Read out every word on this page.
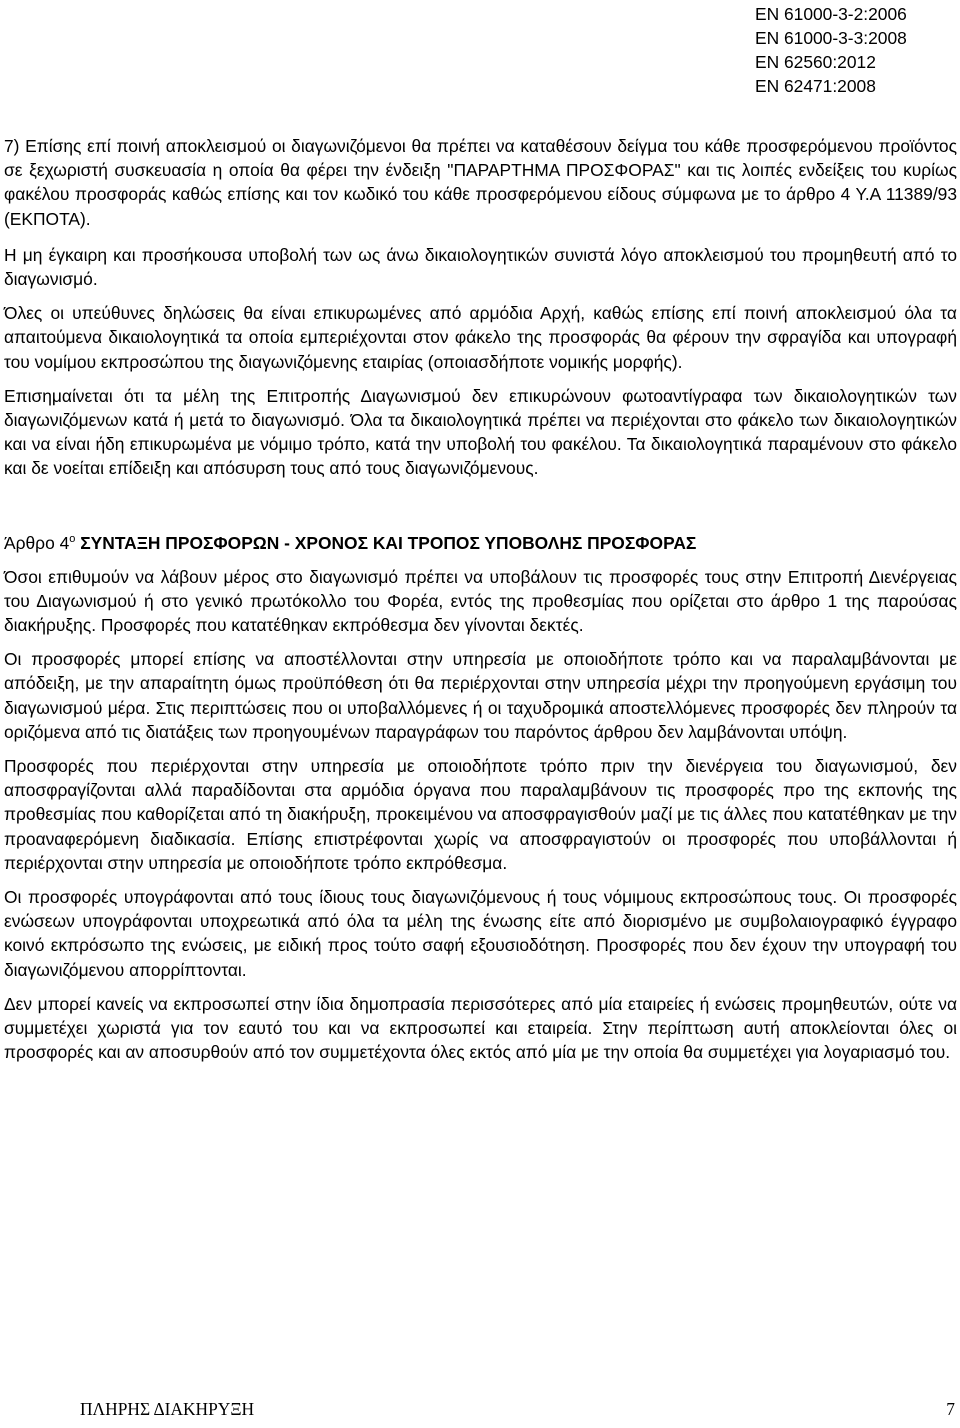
EN 61000-3-2:2006
EN 61000-3-3:2008
EN 62560:2012
EN 62471:2008

7) Επίσης επί ποινή αποκλεισμού οι διαγωνιζόμενοι θα πρέπει να καταθέσουν δείγμα του κάθε προσφερόμενου προϊόντος σε ξεχωριστή συσκευασία η οποία θα φέρει την ένδειξη "ΠΑΡΑΡΤΗΜΑ ΠΡΟΣΦΟΡΑΣ" και τις λοιπές ενδείξεις του κυρίως φακέλου προσφοράς καθώς επίσης και τον κωδικό του κάθε προσφερόμενου είδους σύμφωνα με το άρθρο 4 Υ.Α 11389/93 (ΕΚΠΟΤΑ).

Η μη έγκαιρη και προσήκουσα υποβολή των ως άνω δικαιολογητικών συνιστά λόγο αποκλεισμού του προμηθευτή από το διαγωνισμό.

Όλες οι υπεύθυνες δηλώσεις θα είναι επικυρωμένες από αρμόδια Αρχή, καθώς επίσης επί ποινή αποκλεισμού όλα τα απαιτούμενα δικαιολογητικά τα οποία εμπεριέχονται στον φάκελο της προσφοράς θα φέρουν την σφραγίδα και υπογραφή του νομίμου εκπροσώπου της διαγωνιζόμενης εταιρίας (οποιασδήποτε νομικής μορφής).

Επισημαίνεται ότι τα μέλη της Επιτροπής Διαγωνισμού δεν επικυρώνουν φωτοαντίγραφα των δικαιολογητικών των διαγωνιζόμενων κατά ή μετά το διαγωνισμό. Όλα τα δικαιολογητικά πρέπει να περιέχονται στο φάκελο των δικαιολογητικών και να είναι ήδη επικυρωμένα με νόμιμο τρόπο, κατά την υποβολή του φακέλου. Τα δικαιολογητικά παραμένουν στο φάκελο και δε νοείται επίδειξη και απόσυρση τους από τους διαγωνιζόμενους.

Άρθρο $4^o$ ΣΥΝΤΑΞΗ ΠΡΟΣΦΟΡΩΝ - ΧΡΟΝΟΣ ΚΑΙ ΤΡΟΠΟΣ ΥΠΟΒΟΛΗΣ ΠΡΟΣΦΟΡΑΣ

Όσοι επιθυμούν να λάβουν μέρος στο διαγωνισμό πρέπει να υποβάλουν τις προσφορές τους στην Επιτροπή Διενέργειας του Διαγωνισμού ή στο γενικό πρωτόκολλο του Φορέα, εντός της προθεσμίας που ορίζεται στο άρθρο 1 της παρούσας διακήρυξης. Προσφορές που κατατέθηκαν εκπρόθεσμα δεν γίνονται δεκτές.

Οι προσφορές μπορεί επίσης να αποστέλλονται στην υπηρεσία με οποιοδήποτε τρόπο και να παραλαμβάνονται με απόδειξη, με την απαραίτητη όμως προϋπόθεση ότι θα περιέρχονται στην υπηρεσία μέχρι την προηγούμενη εργάσιμη του διαγωνισμού μέρα. Στις περιπτώσεις που οι υποβαλλόμενες ή οι ταχυδρομικά αποστελλόμενες προσφορές δεν πληρούν τα οριζόμενα από τις διατάξεις των προηγουμένων παραγράφων του παρόντος άρθρου δεν λαμβάνονται υπόψη.

Προσφορές που περιέρχονται στην υπηρεσία με οποιοδήποτε τρόπο πριν την διενέργεια του διαγωνισμού, δεν αποσφραγίζονται αλλά παραδίδονται στα αρμόδια όργανα που παραλαμβάνουν τις προσφορές προ της εκπονής της προθεσμίας που καθορίζεται από τη διακήρυξη, προκειμένου να αποσφραγισθούν μαζί με τις άλλες που κατατέθηκαν με την προαναφερόμενη διαδικασία. Επίσης επιστρέφονται χωρίς να αποσφραγιστούν οι προσφορές που υποβάλλονται ή περιέρχονται στην υπηρεσία με οποιοδήποτε τρόπο εκπρόθεσμα.

Οι προσφορές υπογράφονται από τους ίδιους τους διαγωνιζόμενους ή τους νόμιμους εκπροσώπους τους. Οι προσφορές ενώσεων υπογράφονται υποχρεωτικά από όλα τα μέλη της ένωσης είτε από διορισμένο με συμβολαιογραφικό έγγραφο κοινό εκπρόσωπο της ενώσεις, με ειδική προς τούτο σαφή εξουσιοδότηση. Προσφορές που δεν έχουν την υπογραφή του διαγωνιζόμενου απορρίπτονται.

Δεν μπορεί κανείς να εκπροσωπεί στην ίδια δημοπρασία περισσότερες από μία εταιρείες ή ενώσεις προμηθευτών, ούτε να συμμετέχει χωριστά για τον εαυτό του και να εκπροσωπεί και εταιρεία. Στην περίπτωση αυτή αποκλείονται όλες οι προσφορές και αν αποσυρθούν από τον συμμετέχοντα όλες εκτός από μία με την οποία θα συμμετέχει για λογαριασμό του.

ΠΛΗΡΗΣ ΔΙΑΚΗΡΥΞΗ	7
